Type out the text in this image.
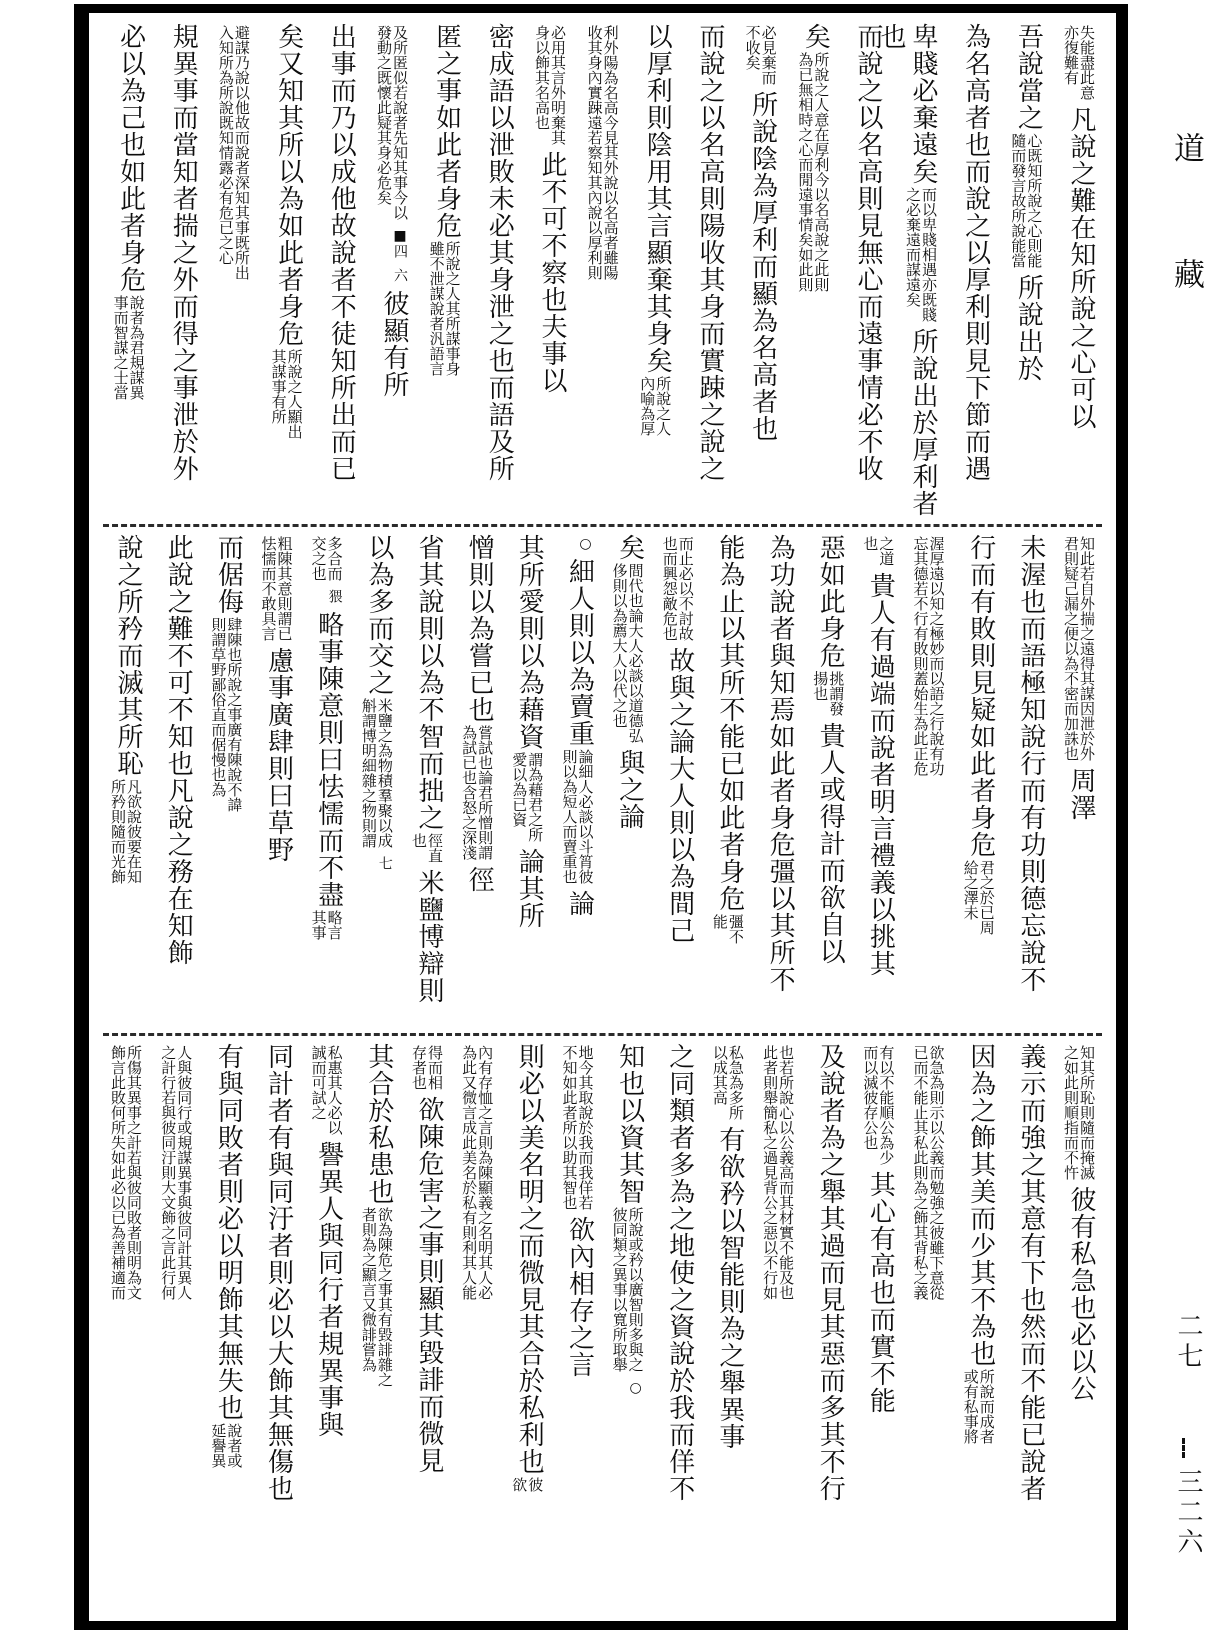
失能盡此意亦復難有凡說之難在知所說之心可以
吾說當之心既知所說之心則能隨而發言故所說能當所說出於
為名高者也而說之以厚利則見下節而遇
卑賤必棄遠矣而以卑賤相遇亦既賤之必棄遠而謀遠矣所說出於厚利者也
而說之以名高則見無心而遠事情必不收
矣所說之人意在厚利今以名高說之此則為已無相時之心而閒遠事情矣如此則
必見棄而不收矣所說陰為厚利而顯為名高者也
而說之以名高則陽收其身而實踈之說之
以厚利則陰用其言顯棄其身矣所說之人內喻為厚
利外陽為名高今見其外說以名高者雖陽收其身內實踈遠若察知其內說以厚利則
必用其言外明棄其身以飾其名高也此不可不察也夫事以
密成語以泄敗未必其身泄之也而語及所
匿之事如此者身危所說之人其所謀事身雖不泄謀說者汎語言
及所匿似若說者先知其事今以發動之既懷此疑其身必危矣■四六彼顯有所
出事而乃以成他故說者不徒知所出而已
矣又知其所以為如此者身危所說之人顯出其謀事有所
避謀乃說以他故而說者深知其事既所出入知所為所說既知情露必有危已之心
規異事而當知者揣之外而得之事泄於外
必以為己也如此者身危說者為君規謀異事而智謀之士當
知此若自外揣之遠得其謀因泄於外君則疑己漏之便以為不密而加誅也周澤
未渥也而語極知說行而有功則德忘說不
行而有敗則見疑如此者身危君之於已周給之澤未
渥厚遠以知之極妙而以語之行說有功忘其德若不行有敗則蓋始生為此正危
之道也貴人有過端而說者明言禮義以挑其
惡如此身危挑謂發揚也貴人或得計而欲自以
為功說者與知焉如此者身危彊以其所不
能為止以其所不能已如此者身危彊不能
而止必以不討故也而興怨敵危也故與之論大人則以為間己
矣間代也論大人必談以道德弘侈則以為薦大人以代之也與之論
○細人則以為賣重論細人必談以斗筲彼則以為短人而賣重也論
其所愛則以為藉資謂為藉君之所愛以為已資論其所
憎則以為嘗已也嘗試也論君所憎則謂為試已也含怒之深淺徑
省其說則以為不智而拙之徑直也米鹽博辯則
以為多而交之米鹽之為物積羣聚以成斛謂博明細雜之物則謂七
多合而交之也猥略事陳意則曰怯懦而不盡略言其事
粗陳其意則謂已怯懦而不敢具言慮事廣肆則曰草野
而倨侮肆陳也所說之事廣有陳說不諱則謂草野鄙俗直而倨慢也為
此說之難不可不知也凡說之務在知飾
說之所矜而滅其所恥凡欲說彼要在知所矜則隨而光飾
知其所恥則隨而掩滅之如此則順指而不忤彼有私急也必以公
義示而強之其意有下也然而不能已說者
因為之飾其美而少其不為也所說而成者或有私事將
欲急為則示以公義而勉強之彼雖下意從已而不能止其私此則為之飾其背私之義
有以不能順公為少而以滅彼存公也其心有高也而實不能
及說者為之舉其過而見其惡而多其不行
也若所說心以公義高而其材實不能及也此者則舉簡私之過見背公之惡以不行如
私急為多所以成其高有欲矜以智能則為之舉異事
之同類者多為之地使之資說於我而佯不
知也以資其智所說或矜以廣智則多與之彼同類之異事以寬所取舉○
地今其取說於我而我佯若不知如此者所以助其智也欲內相存之言
則必以美名明之而微見其合於私利也彼欲
內有存恤之言則為陳顯義之名明其人必為此又微言成此美名於私有則利其人能
得而相存者也欲陳危害之事則顯其毀誹而微見
其合於私患也欲為陳危之事其有毀誹雜之者則為之顯言又微誹嘗為
私惠其人必以誠而可試之譽異人與同行者規異事與
同計者有與同汙者則必以大飾其無傷也
有與同敗者則必以明飾其無失也說者或延譽異
人與彼同行或規謀異事與彼同計其異人之計行若與彼同汙則大文飾之言此行何
所傷其異事之計若與彼同敗者則明為文飾言此敗何所失如此必以已為善補適而
道
藏
二七
三二六
